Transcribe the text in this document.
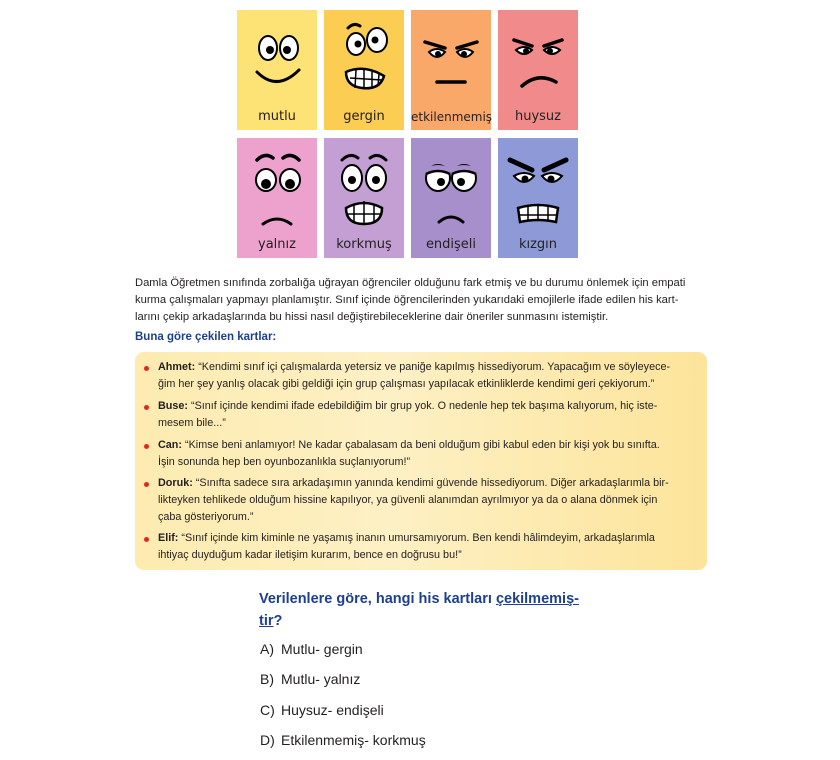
mutlu	gergin	etkilenmemiş	huysuz
yalnız	korkmuş	endişeli	kızgın
Damla Öğretmen sınıfında zorbalığa uğrayan öğrenciler olduğunu fark etmiş ve bu durumu önlemek için empati
kurma çalışmaları yapmayı planlamıştır. Sınıf içinde öğrencilerinden yukarıdaki emojilerle ifade edilen his kart-
larını çekip arkadaşlarında bu hissi nasıl değiştirebileceklerine dair öneriler sunmasını istemiştir.
Buna göre çekilen kartlar:
Ahmet: “Kendimi sınıf içi çalışmalarda yetersiz ve paniğe kapılmış hissediyorum. Yapacağım ve söyleyece-
ğim her şey yanlış olacak gibi geldiği için grup çalışması yapılacak etkinliklerde kendimi geri çekiyorum.”
Buse: “Sınıf içinde kendimi ifade edebildiğim bir grup yok. O nedenle hep tek başıma kalıyorum, hiç iste-
mesem bile...”
Can: “Kimse beni anlamıyor! Ne kadar çabalasam da beni olduğum gibi kabul eden bir kişi yok bu sınıfta.
İşin sonunda hep ben oyunbozanlıkla suçlanıyorum!”
Doruk: “Sınıfta sadece sıra arkadaşımın yanında kendimi güvende hissediyorum. Diğer arkadaşlarımla bir-
likteyken tehlikede olduğum hissine kapılıyor, ya güvenli alanımdan ayrılmıyor ya da o alana dönmek için
çaba gösteriyorum.”
Elif: “Sınıf içinde kim kiminle ne yaşamış inanın umursamıyorum. Ben kendi hâlimdeyim, arkadaşlarımla
ihtiyaç duyduğum kadar iletişim kurarım, bence en doğrusu bu!”
Verilenlere göre, hangi his kartları çekilmemiş-
tir?
A) Mutlu- gergin
B) Mutlu- yalnız
C) Huysuz- endişeli
D) Etkilenmemiş- korkmuş
